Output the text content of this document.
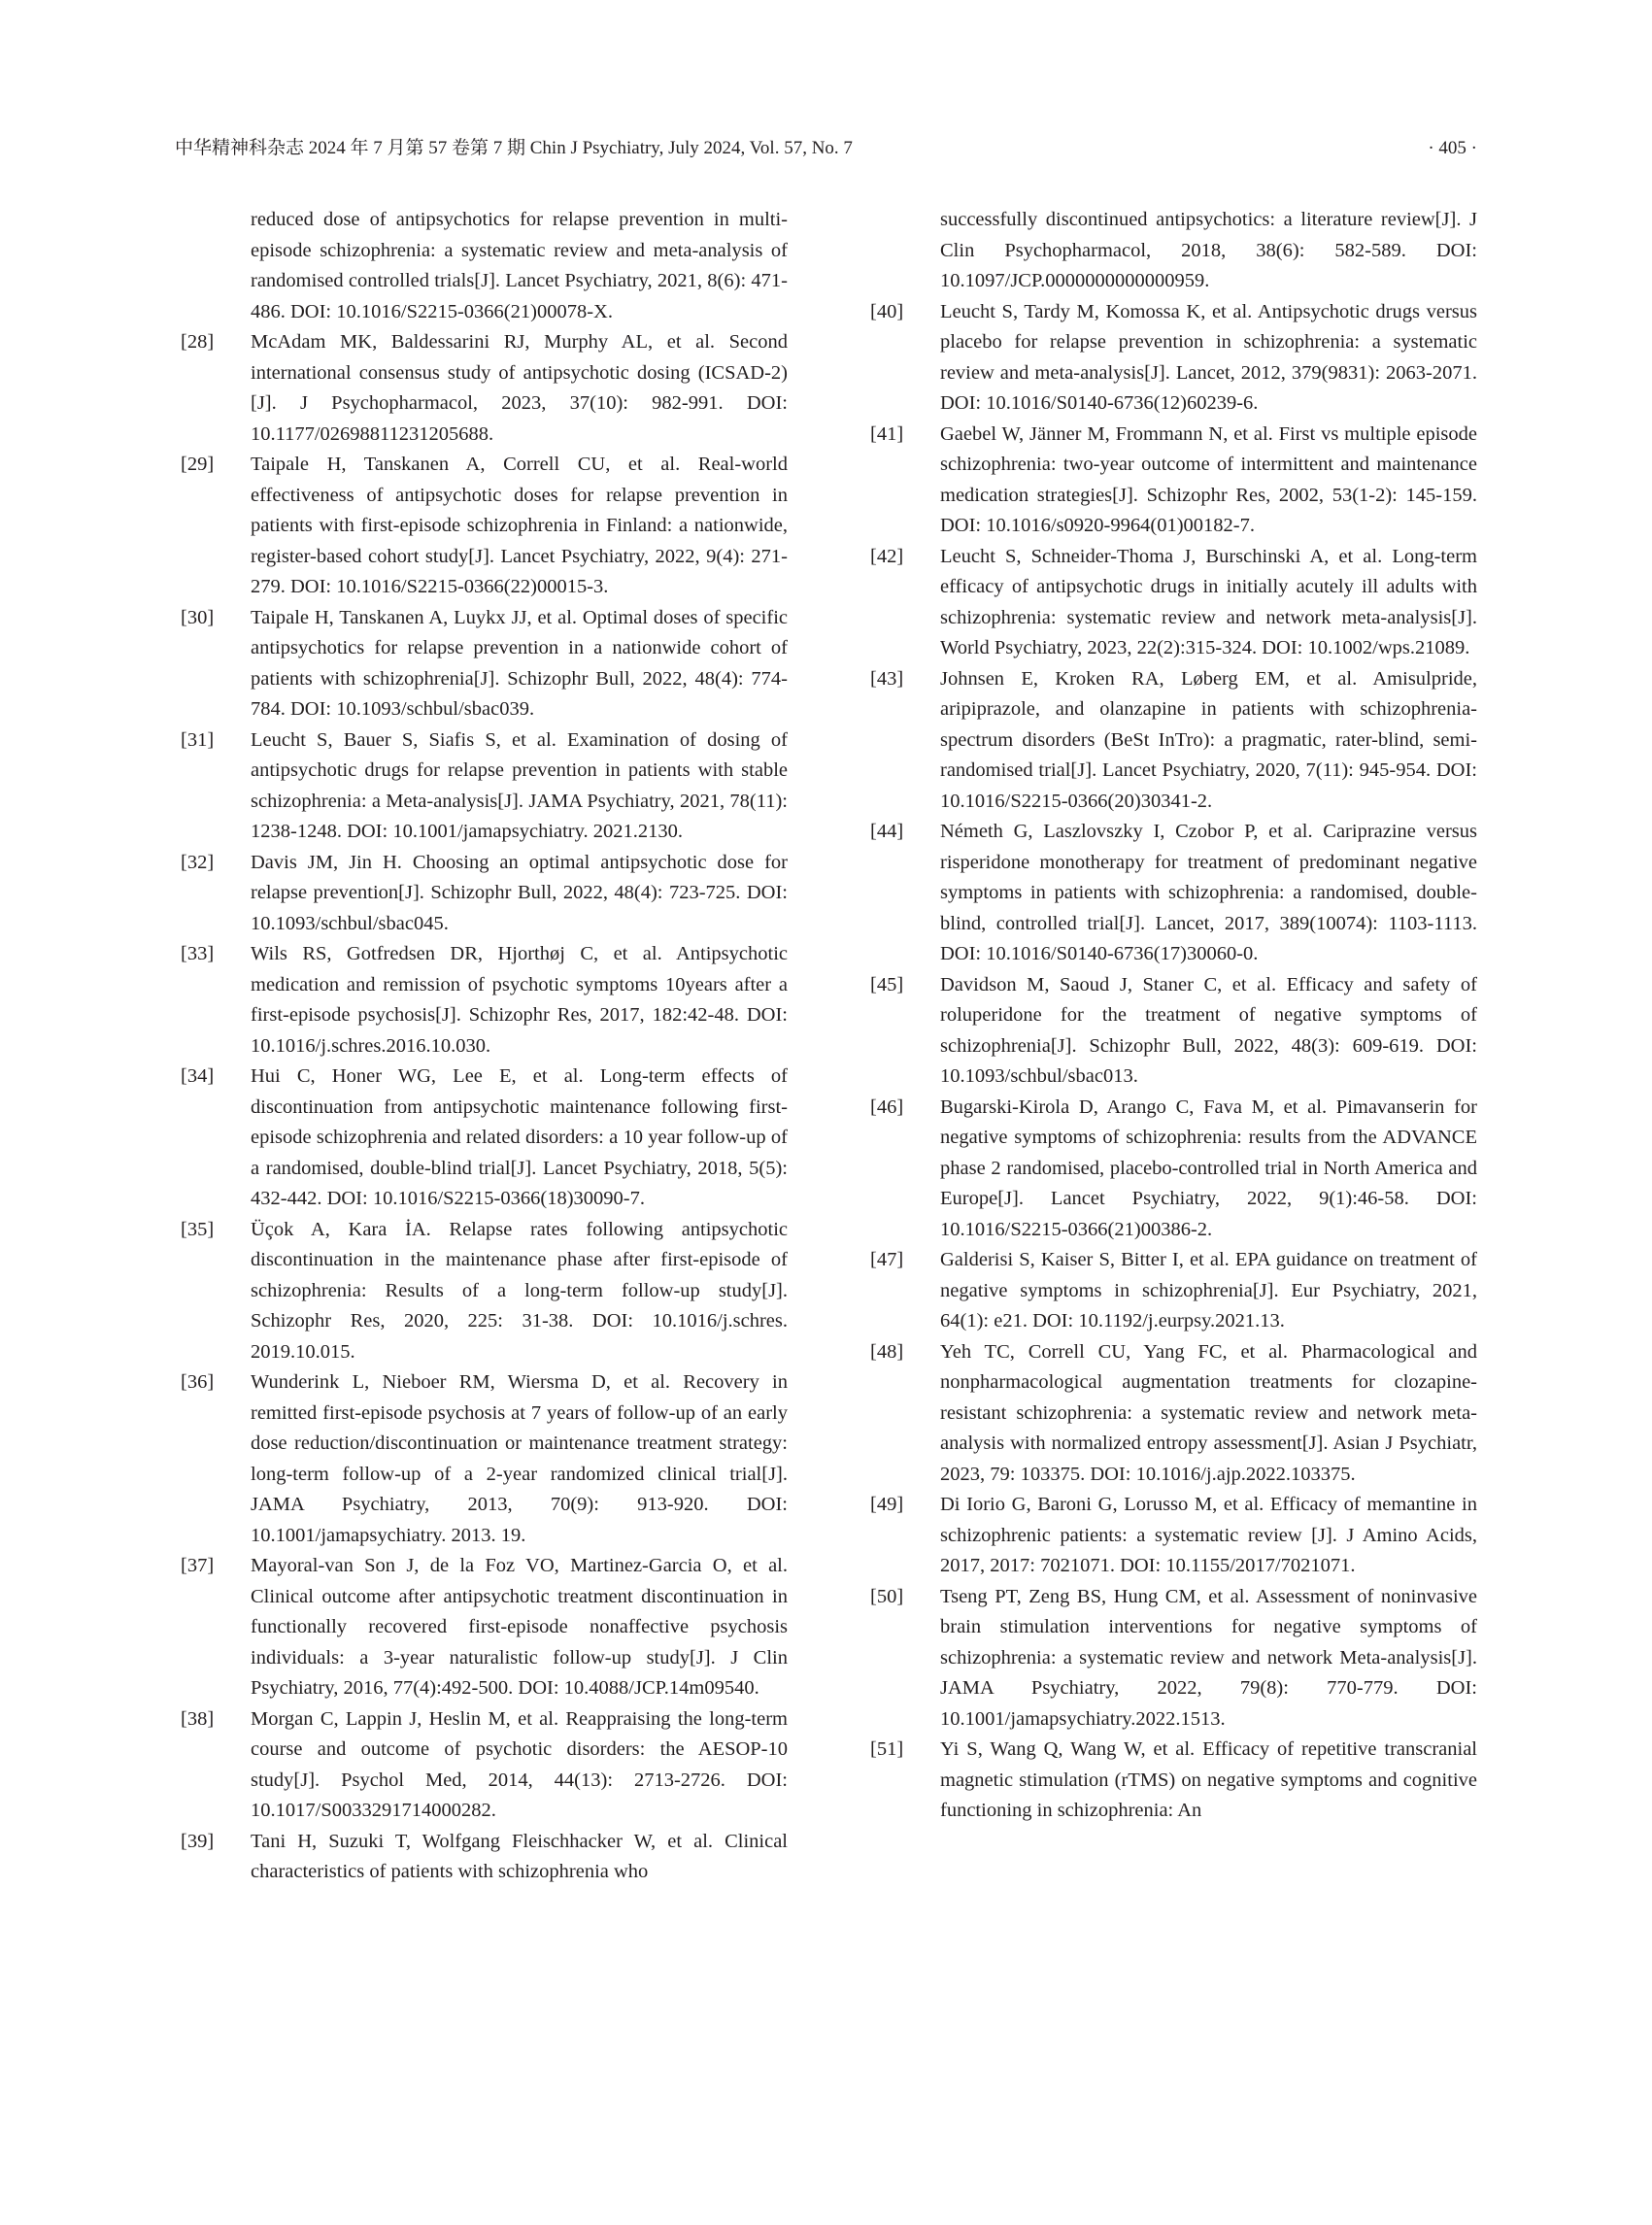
中华精神科杂志 2024 年 7 月第 57 卷第 7 期 Chin J Psychiatry, July 2024, Vol. 57, No. 7	· 405 ·
reduced dose of antipsychotics for relapse prevention in multi-episode schizophrenia: a systematic review and meta-analysis of randomised controlled trials[J]. Lancet Psychiatry, 2021, 8(6): 471-486. DOI: 10.1016/S2215-0366(21)00078-X.
[28] McAdam MK, Baldessarini RJ, Murphy AL, et al. Second international consensus study of antipsychotic dosing (ICSAD-2) [J]. J Psychopharmacol, 2023, 37(10): 982-991. DOI: 10.1177/02698811231205688.
[29] Taipale H, Tanskanen A, Correll CU, et al. Real-world effectiveness of antipsychotic doses for relapse prevention in patients with first-episode schizophrenia in Finland: a nationwide, register-based cohort study[J]. Lancet Psychiatry, 2022, 9(4): 271-279. DOI: 10.1016/S2215-0366(22)00015-3.
[30] Taipale H, Tanskanen A, Luykx JJ, et al. Optimal doses of specific antipsychotics for relapse prevention in a nationwide cohort of patients with schizophrenia[J]. Schizophr Bull, 2022, 48(4): 774-784. DOI: 10.1093/schbul/sbac039.
[31] Leucht S, Bauer S, Siafis S, et al. Examination of dosing of antipsychotic drugs for relapse prevention in patients with stable schizophrenia: a Meta-analysis[J]. JAMA Psychiatry, 2021, 78(11): 1238-1248. DOI: 10.1001/jamapsychiatry. 2021.2130.
[32] Davis JM, Jin H. Choosing an optimal antipsychotic dose for relapse prevention[J]. Schizophr Bull, 2022, 48(4): 723-725. DOI: 10.1093/schbul/sbac045.
[33] Wils RS, Gotfredsen DR, Hjorthøj C, et al. Antipsychotic medication and remission of psychotic symptoms 10years after a first-episode psychosis[J]. Schizophr Res, 2017, 182:42-48. DOI: 10.1016/j.schres.2016.10.030.
[34] Hui C, Honer WG, Lee E, et al. Long-term effects of discontinuation from antipsychotic maintenance following first-episode schizophrenia and related disorders: a 10 year follow-up of a randomised, double-blind trial[J]. Lancet Psychiatry, 2018, 5(5): 432-442. DOI: 10.1016/S2215-0366(18)30090-7.
[35] Üçok A, Kara İA. Relapse rates following antipsychotic discontinuation in the maintenance phase after first-episode of schizophrenia: Results of a long-term follow-up study[J]. Schizophr Res, 2020, 225: 31-38. DOI: 10.1016/j.schres. 2019.10.015.
[36] Wunderink L, Nieboer RM, Wiersma D, et al. Recovery in remitted first-episode psychosis at 7 years of follow-up of an early dose reduction/discontinuation or maintenance treatment strategy: long-term follow-up of a 2-year randomized clinical trial[J]. JAMA Psychiatry, 2013, 70(9): 913-920. DOI: 10.1001/jamapsychiatry. 2013. 19.
[37] Mayoral-van Son J, de la Foz VO, Martinez-Garcia O, et al. Clinical outcome after antipsychotic treatment discontinuation in functionally recovered first-episode nonaffective psychosis individuals: a 3-year naturalistic follow-up study[J]. J Clin Psychiatry, 2016, 77(4):492-500. DOI: 10.4088/JCP.14m09540.
[38] Morgan C, Lappin J, Heslin M, et al. Reappraising the long-term course and outcome of psychotic disorders: the AESOP-10 study[J]. Psychol Med, 2014, 44(13): 2713-2726. DOI: 10.1017/S0033291714000282.
[39] Tani H, Suzuki T, Wolfgang Fleischhacker W, et al. Clinical characteristics of patients with schizophrenia who
successfully discontinued antipsychotics: a literature review[J]. J Clin Psychopharmacol, 2018, 38(6): 582-589. DOI: 10.1097/JCP.0000000000000959.
[40] Leucht S, Tardy M, Komossa K, et al. Antipsychotic drugs versus placebo for relapse prevention in schizophrenia: a systematic review and meta-analysis[J]. Lancet, 2012, 379(9831): 2063-2071. DOI: 10.1016/S0140-6736(12)60239-6.
[41] Gaebel W, Jänner M, Frommann N, et al. First vs multiple episode schizophrenia: two-year outcome of intermittent and maintenance medication strategies[J]. Schizophr Res, 2002, 53(1-2): 145-159. DOI: 10.1016/s0920-9964(01)00182-7.
[42] Leucht S, Schneider-Thoma J, Burschinski A, et al. Long-term efficacy of antipsychotic drugs in initially acutely ill adults with schizophrenia: systematic review and network meta-analysis[J]. World Psychiatry, 2023, 22(2):315-324. DOI: 10.1002/wps.21089.
[43] Johnsen E, Kroken RA, Løberg EM, et al. Amisulpride, aripiprazole, and olanzapine in patients with schizophrenia-spectrum disorders (BeSt InTro): a pragmatic, rater-blind, semi-randomised trial[J]. Lancet Psychiatry, 2020, 7(11): 945-954. DOI: 10.1016/S2215-0366(20)30341-2.
[44] Németh G, Laszlovszky I, Czobor P, et al. Cariprazine versus risperidone monotherapy for treatment of predominant negative symptoms in patients with schizophrenia: a randomised, double-blind, controlled trial[J]. Lancet, 2017, 389(10074): 1103-1113. DOI: 10.1016/S0140-6736(17)30060-0.
[45] Davidson M, Saoud J, Staner C, et al. Efficacy and safety of roluperidone for the treatment of negative symptoms of schizophrenia[J]. Schizophr Bull, 2022, 48(3): 609-619. DOI: 10.1093/schbul/sbac013.
[46] Bugarski-Kirola D, Arango C, Fava M, et al. Pimavanserin for negative symptoms of schizophrenia: results from the ADVANCE phase 2 randomised, placebo-controlled trial in North America and Europe[J]. Lancet Psychiatry, 2022, 9(1):46-58. DOI: 10.1016/S2215-0366(21)00386-2.
[47] Galderisi S, Kaiser S, Bitter I, et al. EPA guidance on treatment of negative symptoms in schizophrenia[J]. Eur Psychiatry, 2021, 64(1): e21. DOI: 10.1192/j.eurpsy.2021.13.
[48] Yeh TC, Correll CU, Yang FC, et al. Pharmacological and nonpharmacological augmentation treatments for clozapine-resistant schizophrenia: a systematic review and network meta-analysis with normalized entropy assessment[J]. Asian J Psychiatr, 2023, 79: 103375. DOI: 10.1016/j.ajp.2022.103375.
[49] Di Iorio G, Baroni G, Lorusso M, et al. Efficacy of memantine in schizophrenic patients: a systematic review [J]. J Amino Acids, 2017, 2017: 7021071. DOI: 10.1155/2017/7021071.
[50] Tseng PT, Zeng BS, Hung CM, et al. Assessment of noninvasive brain stimulation interventions for negative symptoms of schizophrenia: a systematic review and network Meta-analysis[J]. JAMA Psychiatry, 2022, 79(8): 770-779. DOI: 10.1001/jamapsychiatry.2022.1513.
[51] Yi S, Wang Q, Wang W, et al. Efficacy of repetitive transcranial magnetic stimulation (rTMS) on negative symptoms and cognitive functioning in schizophrenia: An
